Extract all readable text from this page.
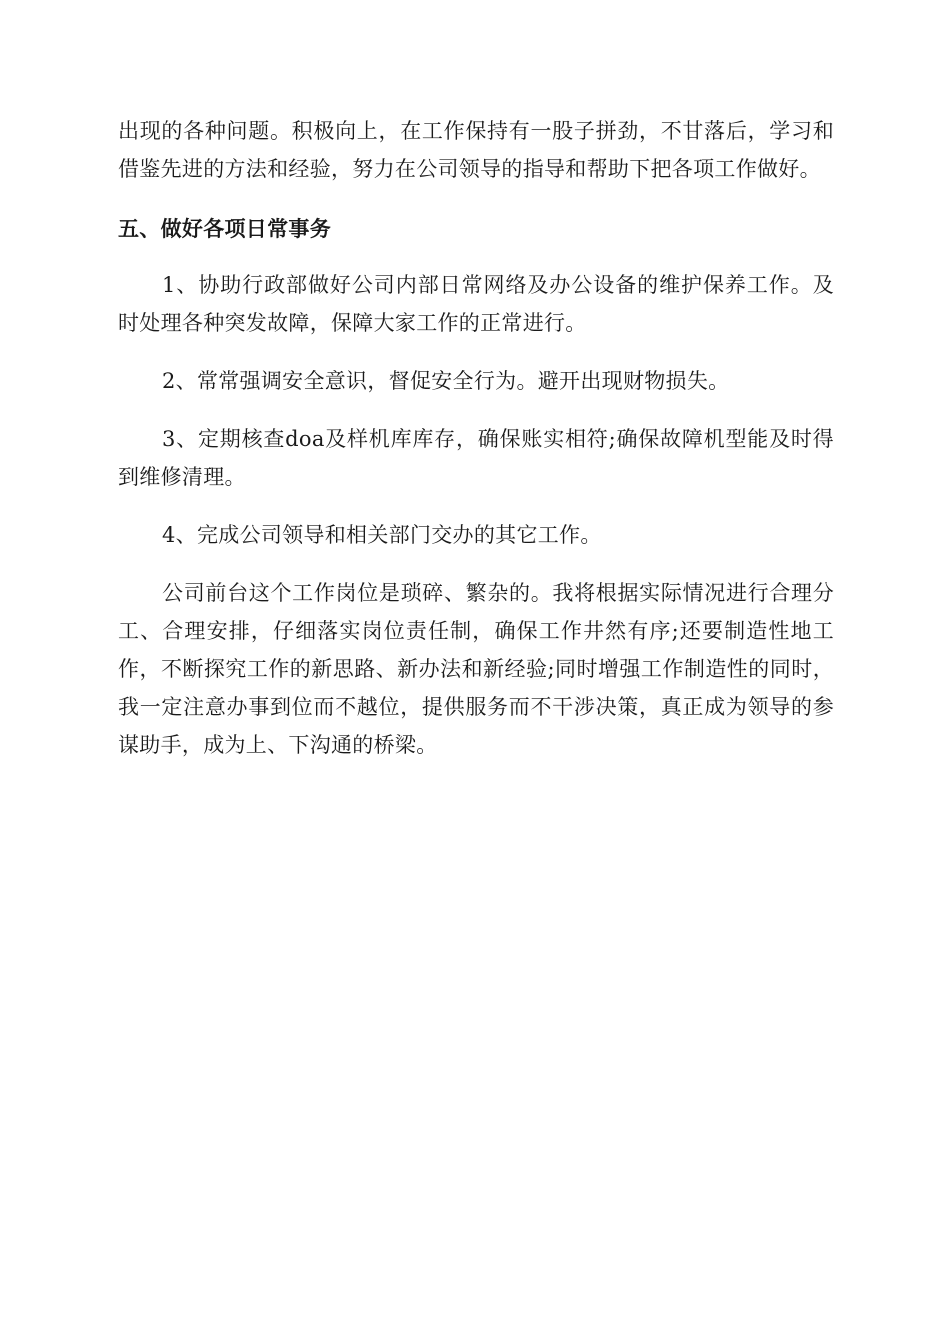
出现的各种问题。积极向上，在工作保持有一股子拼劲，不甘落后，学习和借鉴先进的方法和经验，努力在公司领导的指导和帮助下把各项工作做好。

五、做好各项日常事务

1、协助行政部做好公司内部日常网络及办公设备的维护保养工作。及时处理各种突发故障，保障大家工作的正常进行。

2、常常强调安全意识，督促安全行为。避开出现财物损失。

3、定期核查doa及样机库库存，确保账实相符;确保故障机型能及时得到维修清理。

4、完成公司领导和相关部门交办的其它工作。

公司前台这个工作岗位是琐碎、繁杂的。我将根据实际情况进行合理分工、合理安排，仔细落实岗位责任制，确保工作井然有序;还要制造性地工作，不断探究工作的新思路、新办法和新经验;同时增强工作制造性的同时，我一定注意办事到位而不越位，提供服务而不干涉决策，真正成为领导的参谋助手，成为上、下沟通的桥梁。
